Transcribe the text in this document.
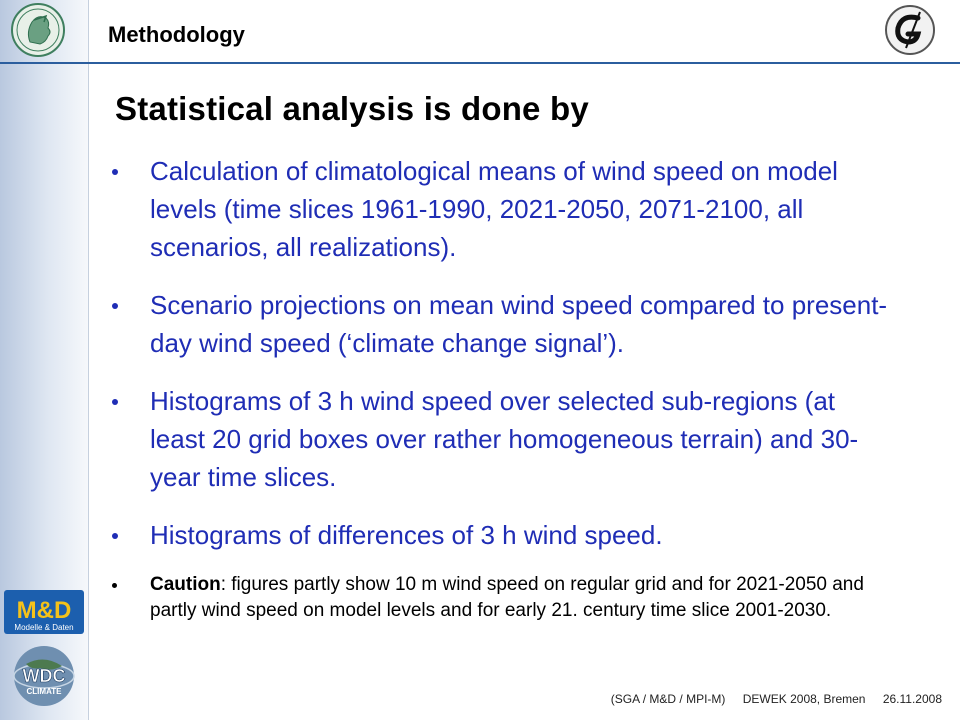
Methodology
Statistical analysis is done by
Calculation of climatological means of wind speed on model levels (time slices 1961-1990, 2021-2050, 2071-2100, all scenarios, all realizations).
Scenario projections on mean wind speed compared to present-day wind speed (‘climate change signal’).
Histograms of 3 h wind speed over selected sub-regions (at least 20 grid boxes over rather homogeneous terrain) and 30-year time slices.
Histograms of differences of 3 h wind speed.
Caution: figures partly show 10 m wind speed on regular grid and for 2021-2050 and partly wind speed on model levels and for early 21. century time slice 2001-2030.
M&D
Modelle & Daten
WDC
CLIMATE
(SGA / M&D / MPI-M) DEWEK 2008, Bremen 26.11.2008
